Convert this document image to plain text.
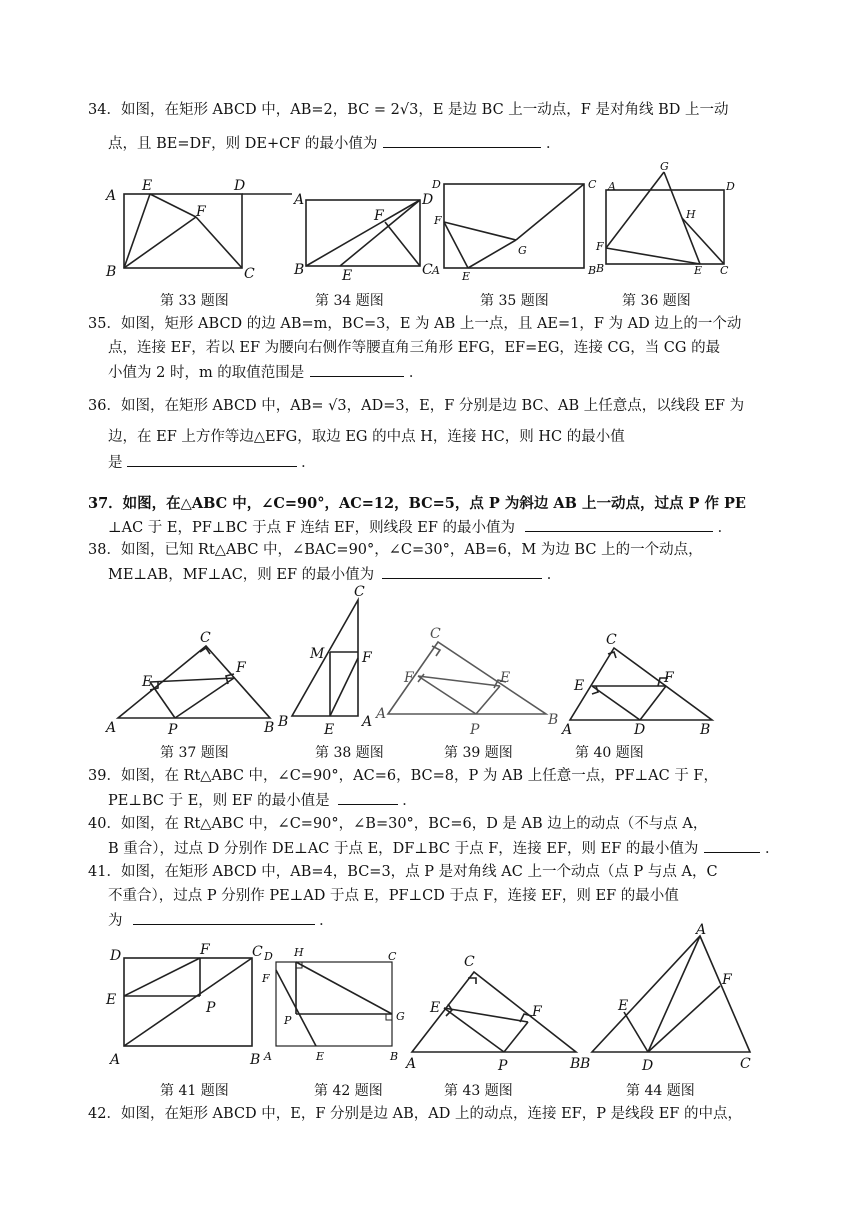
34．如图，在矩形 ABCD 中，AB=2，BC = 2√3，E 是边 BC 上一动点，F 是对角线 BD 上一动
点，且 BE=DF，则 DE+CF 的最小值为	．
A
E	D
F
B	C
A	D
F
B	E	C
D	C
F
G
A E	B
G
A	D
H
F
B	E C
第 33 题图	第 34 题图	第 35 题图	第 36 题图
35．如图，矩形 ABCD 的边 AB=m，BC=3，E 为 AB 上一点，且 AE=1，F 为 AD 边上的一个动
点，连接 EF，若以 EF 为腰向右侧作等腰直角三角形 EFG，EF=EG，连接 CG，当 CG 的最
小值为 2 时，m 的取值范围是	．
36．如图，在矩形 ABCD 中，AB= √3，AD=3，E，F 分别是边 BC、AB 上任意点，以线段 EF 为
边，在 EF 上方作等边△EFG，取边 EG 的中点 H，连接 HC，则 HC 的最小值
是	．
37．如图，在△ABC 中，∠C=90°，AC=12，BC=5，点 P 为斜边 AB 上一动点，过点 P 作 PE
⊥AC 于 E，PF⊥BC 于点 F 连结 EF，则线段 EF 的最小值为	．
38．如图，已知 Rt△ABC 中，∠BAC=90°，∠C=30°，AB=6，M 为边 BC 上的一个动点，
ME⊥AB，MF⊥AC，则 EF 的最小值为	．
C
F
E
A	P	B
C
M	F
B	E A
C
F	E
A
P
B
C
E	F
A	D	B
第 37 题图	第 38 题图	第 39 题图	第 40 题图
39．如图，在 Rt△ABC 中，∠C=90°，AC=6，BC=8，P 为 AB 上任意一点，PF⊥AC 于 F，
PE⊥BC 于 E，则 EF 的最小值是	．
40．如图，在 Rt△ABC 中，∠C=90°，∠B=30°，BC=6，D 是 AB 边上的动点（不与点 A，
B 重合），过点 D 分别作 DE⊥AC 于点 E，DF⊥BC 于点 F，连接 EF，则 EF 的最小值为	．
41．如图，在矩形 ABCD 中，AB=4，BC=3，点 P 是对角线 AC 上一个动点（点 P 与点 A，C
不重合），过点 P 分别作 PE⊥AD 于点 E，PF⊥CD 于点 F，连接 EF，则 EF 的最小值
为	．
D	F	C
E	P
A	B
D H	C
F
P	G
A	E	B
C
E	F
A	P	B
A
F
E
B	D	C
第 41 题图	第 42 题图	第 43 题图	第 44 题图
42．如图，在矩形 ABCD 中，E，F 分别是边 AB，AD 上的动点，连接 EF，P 是线段 EF 的中点，
